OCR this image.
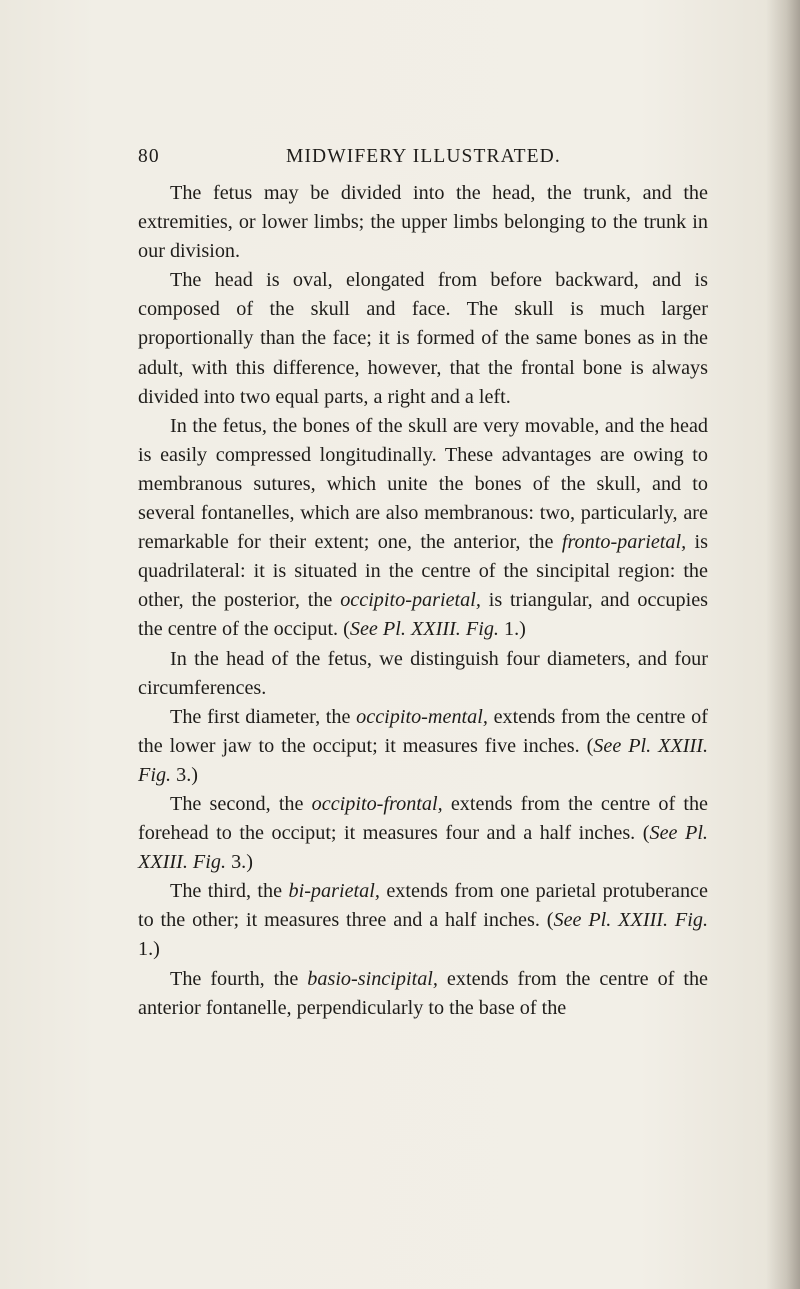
80	MIDWIFERY ILLUSTRATED.

The fetus may be divided into the head, the trunk, and the extremities, or lower limbs; the upper limbs belonging to the trunk in our division.

The head is oval, elongated from before backward, and is composed of the skull and face. The skull is much larger proportionally than the face; it is formed of the same bones as in the adult, with this difference, however, that the frontal bone is always divided into two equal parts, a right and a left.

In the fetus, the bones of the skull are very movable, and the head is easily compressed longitudinally. These advantages are owing to membranous sutures, which unite the bones of the skull, and to several fontanelles, which are also membranous: two, particularly, are remarkable for their extent; one, the anterior, the fronto-parietal, is quadrilateral: it is situated in the centre of the sincipital region: the other, the posterior, the occipito-parietal, is triangular, and occupies the centre of the occiput. (See Pl. XXIII. Fig. 1.)

In the head of the fetus, we distinguish four diameters, and four circumferences.

The first diameter, the occipito-mental, extends from the centre of the lower jaw to the occiput; it measures five inches. (See Pl. XXIII. Fig. 3.)

The second, the occipito-frontal, extends from the centre of the forehead to the occiput; it measures four and a half inches. (See Pl. XXIII. Fig. 3.)

The third, the bi-parietal, extends from one parietal protuberance to the other; it measures three and a half inches. (See Pl. XXIII. Fig. 1.)

The fourth, the basio-sincipital, extends from the centre of the anterior fontanelle, perpendicularly to the base of the
